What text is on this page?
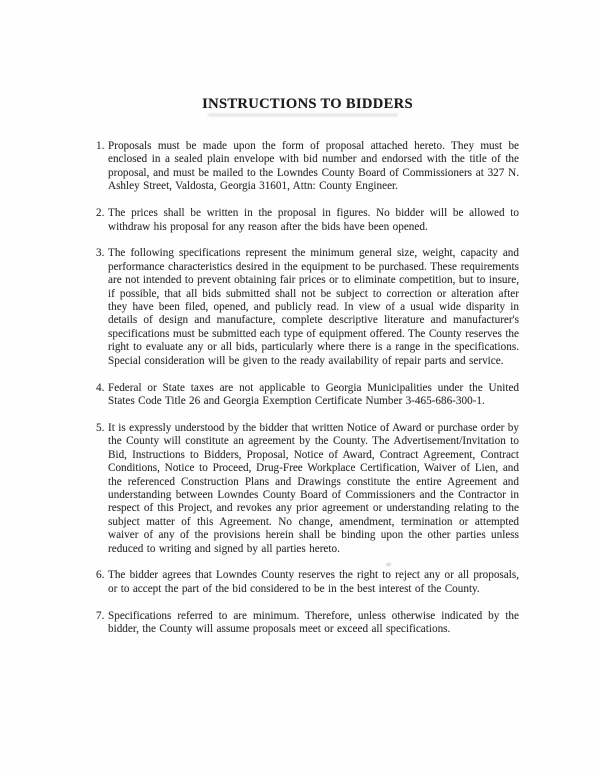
INSTRUCTIONS TO BIDDERS
1. Proposals must be made upon the form of proposal attached hereto. They must be enclosed in a sealed plain envelope with bid number and endorsed with the title of the proposal, and must be mailed to the Lowndes County Board of Commissioners at 327 N. Ashley Street, Valdosta, Georgia 31601, Attn: County Engineer.
2. The prices shall be written in the proposal in figures. No bidder will be allowed to withdraw his proposal for any reason after the bids have been opened.
3. The following specifications represent the minimum general size, weight, capacity and performance characteristics desired in the equipment to be purchased. These requirements are not intended to prevent obtaining fair prices or to eliminate competition, but to insure, if possible, that all bids submitted shall not be subject to correction or alteration after they have been filed, opened, and publicly read. In view of a usual wide disparity in details of design and manufacture, complete descriptive literature and manufacturer's specifications must be submitted each type of equipment offered. The County reserves the right to evaluate any or all bids, particularly where there is a range in the specifications. Special consideration will be given to the ready availability of repair parts and service.
4. Federal or State taxes are not applicable to Georgia Municipalities under the United States Code Title 26 and Georgia Exemption Certificate Number 3-465-686-300-1.
5. It is expressly understood by the bidder that written Notice of Award or purchase order by the County will constitute an agreement by the County. The Advertisement/Invitation to Bid, Instructions to Bidders, Proposal, Notice of Award, Contract Agreement, Contract Conditions, Notice to Proceed, Drug-Free Workplace Certification, Waiver of Lien, and the referenced Construction Plans and Drawings constitute the entire Agreement and understanding between Lowndes County Board of Commissioners and the Contractor in respect of this Project, and revokes any prior agreement or understanding relating to the subject matter of this Agreement. No change, amendment, termination or attempted waiver of any of the provisions herein shall be binding upon the other parties unless reduced to writing and signed by all parties hereto.
6. The bidder agrees that Lowndes County reserves the right to reject any or all proposals, or to accept the part of the bid considered to be in the best interest of the County.
7. Specifications referred to are minimum. Therefore, unless otherwise indicated by the bidder, the County will assume proposals meet or exceed all specifications.
